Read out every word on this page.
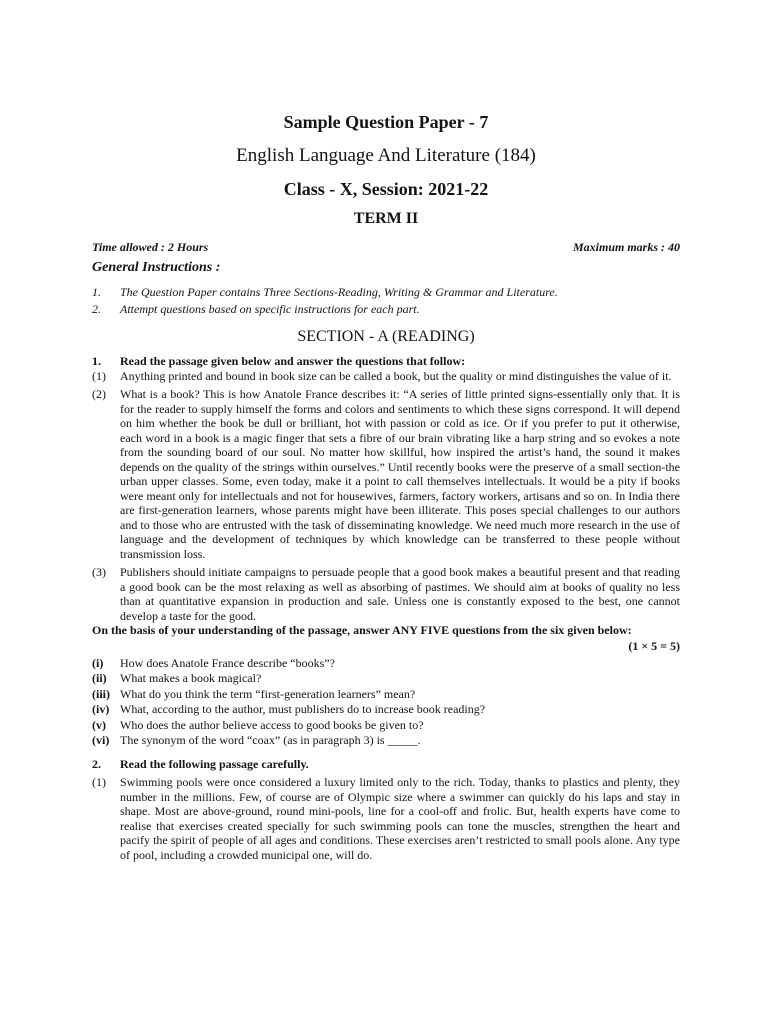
Sample Question Paper - 7
English Language And Literature (184)
Class - X, Session: 2021-22
TERM II
Time allowed : 2 Hours	Maximum marks : 40
General Instructions :
1.	The Question Paper contains Three Sections-Reading, Writing & Grammar and Literature.
2.	Attempt questions based on specific instructions for each part.
SECTION - A (READING)
1.	Read the passage given below and answer the questions that follow:
(1)	Anything printed and bound in book size can be called a book, but the quality or mind distinguishes the value of it.
(2)	What is a book? This is how Anatole France describes it: “A series of little printed signs-essentially only that. It is for the reader to supply himself the forms and colors and sentiments to which these signs correspond. It will depend on him whether the book be dull or brilliant, hot with passion or cold as ice. Or if you prefer to put it otherwise, each word in a book is a magic finger that sets a fibre of our brain vibrating like a harp string and so evokes a note from the sounding board of our soul. No matter how skillful, how inspired the artist’s hand, the sound it makes depends on the quality of the strings within ourselves.” Until recently books were the preserve of a small section-the urban upper classes. Some, even today, make it a point to call themselves intellectuals. It would be a pity if books were meant only for intellectuals and not for housewives, farmers, factory workers, artisans and so on. In India there are first-generation learners, whose parents might have been illiterate. This poses special challenges to our authors and to those who are entrusted with the task of disseminating knowledge. We need much more research in the use of language and the development of techniques by which knowledge can be transferred to these people without transmission loss.
(3)	Publishers should initiate campaigns to persuade people that a good book makes a beautiful present and that reading a good book can be the most relaxing as well as absorbing of pastimes. We should aim at books of quality no less than at quantitative expansion in production and sale. Unless one is constantly exposed to the best, one cannot develop a taste for the good.
On the basis of your understanding of the passage, answer ANY FIVE questions from the six given below:
(1 × 5 = 5)
(i)	How does Anatole France describe “books”?
(ii)	What makes a book magical?
(iii) What do you think the term “first-generation learners” mean?
(iv) What, according to the author, must publishers do to increase book reading?
(v)	Who does the author believe access to good books be given to?
(vi) The synonym of the word “coax” (as in paragraph 3) is _____.
2.	Read the following passage carefully.
(1)	Swimming pools were once considered a luxury limited only to the rich. Today, thanks to plastics and plenty, they number in the millions. Few, of course are of Olympic size where a swimmer can quickly do his laps and stay in shape. Most are above-ground, round mini-pools, line for a cool-off and frolic. But, health experts have come to realise that exercises created specially for such swimming pools can tone the muscles, strengthen the heart and pacify the spirit of people of all ages and conditions. These exercises aren’t restricted to small pools alone. Any type of pool, including a crowded municipal one, will do.
